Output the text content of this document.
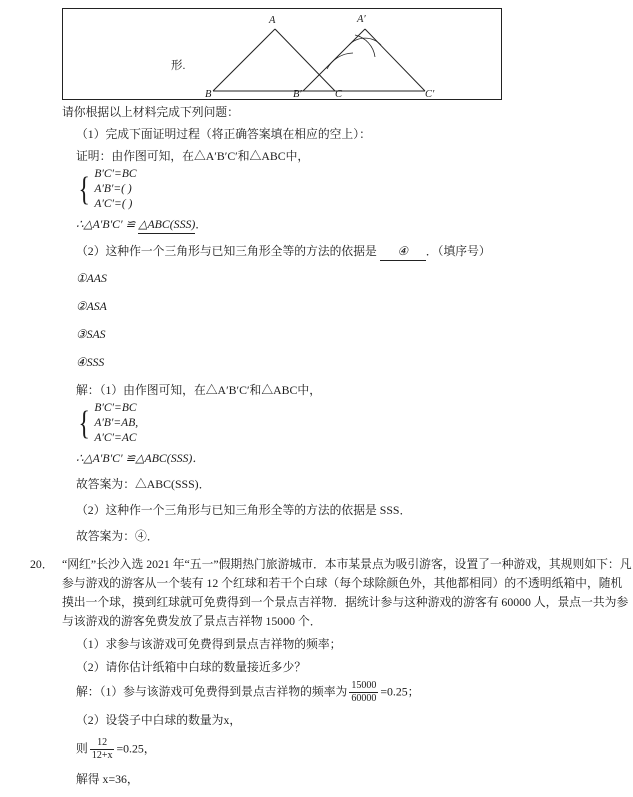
形.
A
B	C
A′
B′	C′

请你根据以上材料完成下列问题：

（1）完成下面证明过程（将正确答案填在相应的空上）：

证明：由作图可知，在△A′B′C′和△ABC中，

{ B′C′=BC
A′B′=( )
A′C′=( )

∴△A′B′C′ ≌ △ABC(SSS)．

（2）这种作一个三角形与已知三角形全等的方法的依据是 ④ ．（填序号）

①AAS

②ASA

③SAS

④SSS

解：（1）由作图可知，在△A′B′C′和△ABC中，

{ B′C′=BC
A′B′=AB,
A′C′=AC

∴△A′B′C′ ≌△ABC(SSS)．

故答案为：△ABC(SSS)．

（2）这种作一个三角形与已知三角形全等的方法的依据是 SSS．

故答案为：④．

20． “网红”长沙入选 2021 年“五一”假期热门旅游城市．本市某景点为吸引游客，设置了一种游戏，其规则如下：凡参与游戏的游客从一个装有 12 个红球和若干个白球（每个球除颜色外，其他都相同）的不透明纸箱中，随机摸出一个球，摸到红球就可免费得到一个景点吉祥物．据统计参与这种游戏的游客有 60000 人，景点一共为参与该游戏的游客免费发放了景点吉祥物 15000 个．

（1）求参与该游戏可免费得到景点吉祥物的频率；

（2）请你估计纸箱中白球的数量接近多少？

解：（1）参与该游戏可免费得到景点吉祥物的频率为 $\frac{15000}{60000} =0.25$；

（2）设袋子中白球的数量为x，

则 $\frac{12}{12+x} =0.25$，

解得 x=36，
